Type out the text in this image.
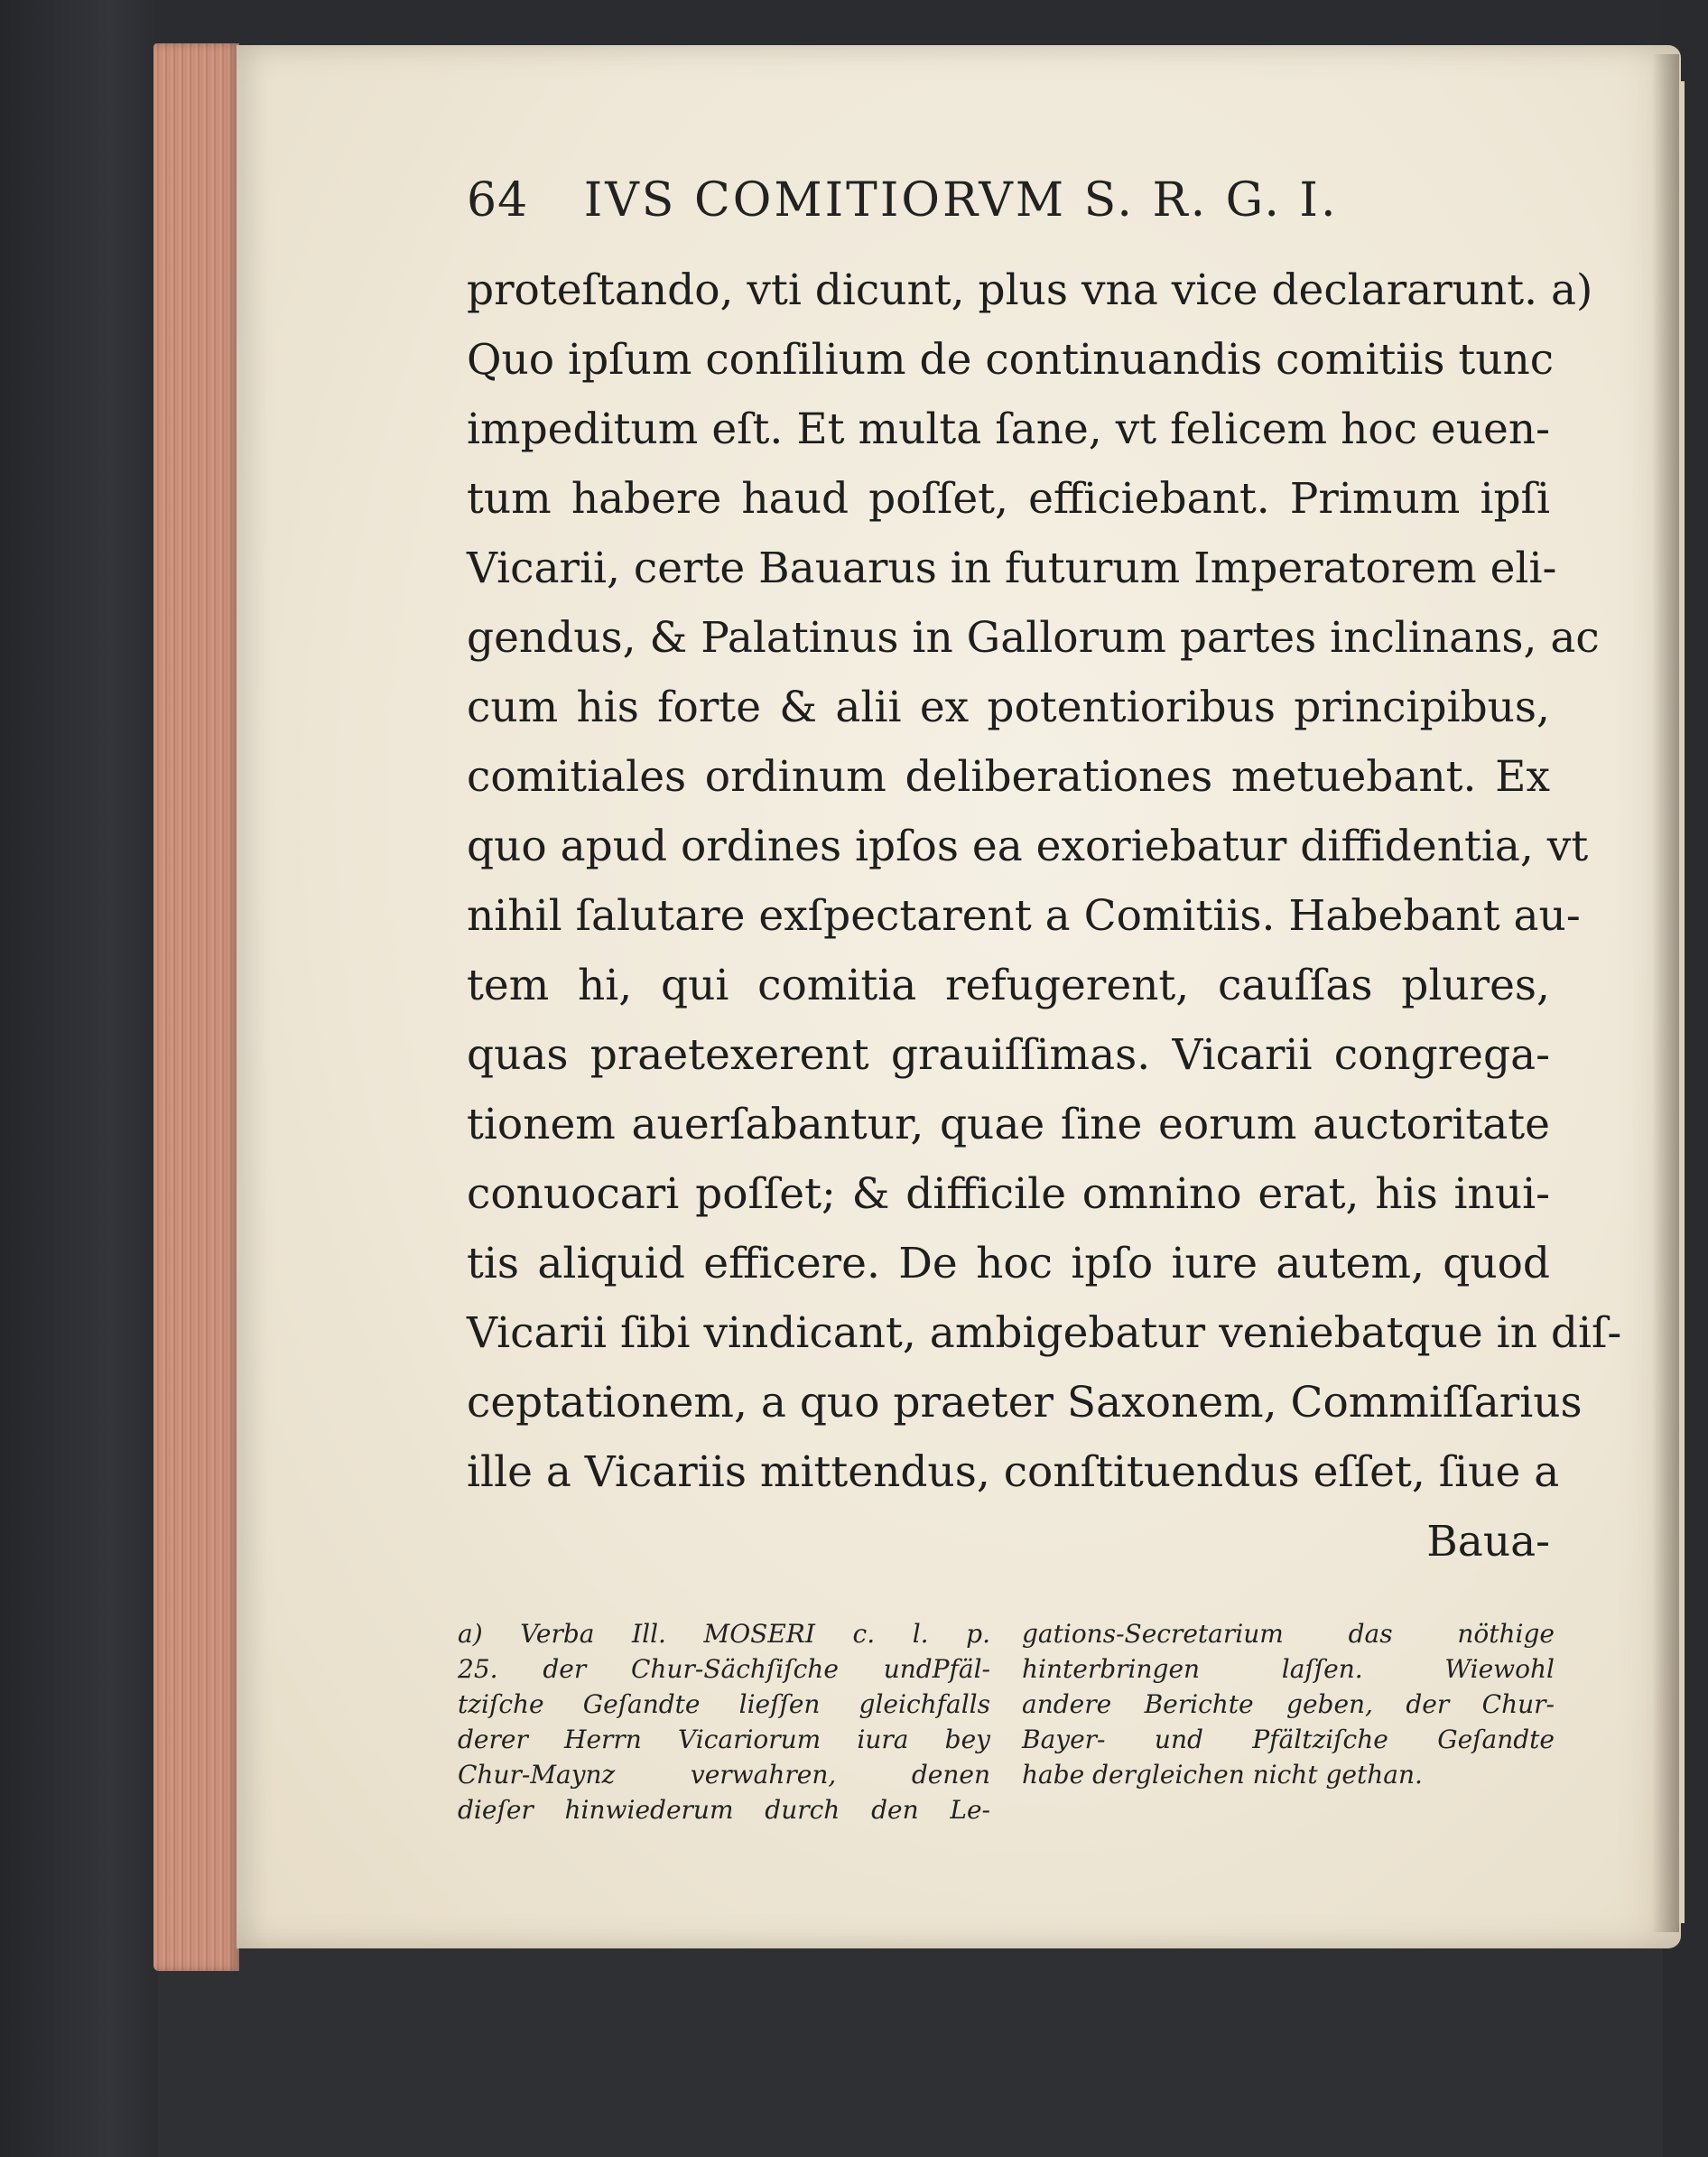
64 IVS COMITIORVM S. R. G. I.
proteſtando, vti dicunt, plus vna vice declararunt. a)
Quo ipſum conſilium de continuandis comitiis tunc
impeditum eſt. Et multa ſane, vt felicem hoc euen-
tum habere haud poſſet, efficiebant. Primum ipſi
Vicarii, certe Bauarus in futurum Imperatorem eli-
gendus, & Palatinus in Gallorum partes inclinans, ac
cum his forte & alii ex potentioribus principibus,
comitiales ordinum deliberationes metuebant. Ex
quo apud ordines ipſos ea exoriebatur diffidentia, vt
nihil ſalutare exſpectarent a Comitiis. Habebant au-
tem hi, qui comitia refugerent, cauſſas plures,
quas praetexerent grauiſſimas. Vicarii congrega-
tionem auerſabantur, quae ſine eorum auctoritate
conuocari poſſet; & difficile omnino erat, his inui-
tis aliquid efficere. De hoc ipſo iure autem, quod
Vicarii ſibi vindicant, ambigebatur veniebatque in diſ-
ceptationem, a quo praeter Saxonem, Commiſſarius
ille a Vicariis mittendus, conſtituendus eſſet, ſiue a
Baua-
a) Verba Ill. MOSERI c. l. p.
25. der Chur-Sächſiſche undPfäl-
tziſche Geſandte lieſſen gleichfalls
derer Herrn Vicariorum iura bey
Chur-Maynz verwahren, denen
dieſer hinwiederum durch den Le-
gations-Secretarium das nöthige
hinterbringen laſſen. Wiewohl
andere Berichte geben, der Chur-
Bayer- und Pfältziſche Geſandte
habe dergleichen nicht gethan.
